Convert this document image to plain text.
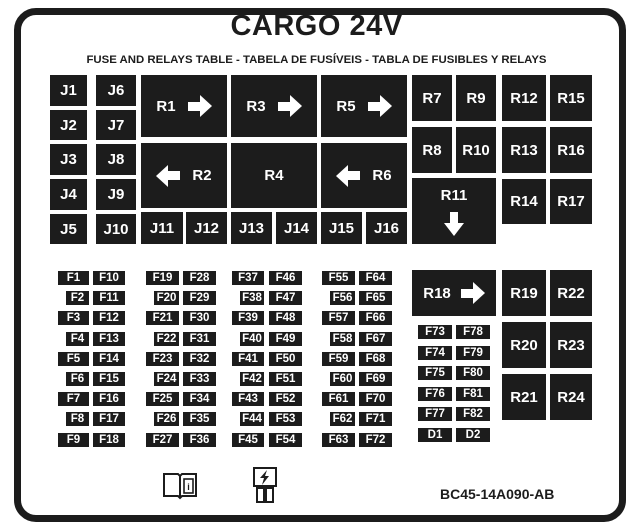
CARGO 24V
FUSE AND RELAYS TABLE - TABELA DE FUSÍVEIS - TABLA DE FUSIBLES Y RELAYS
J1
J2
J3
J4
J5
J6
J7
J8
J9
J10	J11	J12	J13	J14	J15	J16
R1	R3	R5
R2	R4	R6
R7	R9
R8	R10
R11
R12	R15
R13	R16
R14	R17
R18	R19	R22
R20	R23
R21	R24
F1	F10
F2	F11
F3	F12
F4	F13
F5	F14
F6	F15
F7	F16
F8	F17
F9	F18
F19	F28
F20	F29
F21	F30
F22	F31
F23	F32
F24	F33
F25	F34
F26	F35
F27	F36
F37	F46
F38	F47
F39	F48
F40	F49
F41	F50
F42	F51
F43	F52
F44	F53
F45	F54
F55	F64
F56	F65
F57	F66
F58	F67
F59	F68
F60	F69
F61	F70
F62	F71
F63	F72
F73	F78
F74	F79
F75	F80
F76	F81
F77	F82
D1	D2
i	BC45-14A090-AB
